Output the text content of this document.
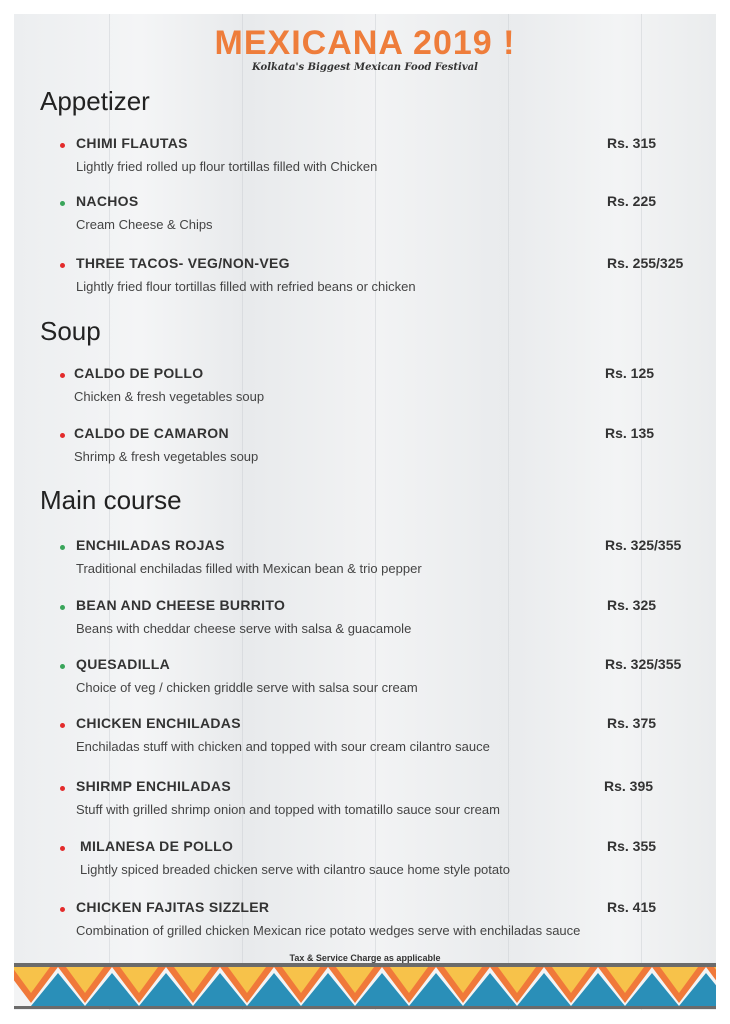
MEXICANA 2019 !
Kolkata's Biggest Mexican Food Festival
Appetizer
CHIMI FLAUTAS	Rs. 315
Lightly fried rolled up flour tortillas filled with Chicken
NACHOS	Rs. 225
Cream Cheese & Chips
THREE TACOS- VEG/NON-VEG	Rs. 255/325
Lightly fried flour tortillas filled with refried beans or chicken
Soup
CALDO DE POLLO	Rs. 125
Chicken & fresh vegetables soup
CALDO DE CAMARON	Rs. 135
Shrimp & fresh vegetables soup
Main course
ENCHILADAS ROJAS	Rs. 325/355
Traditional enchiladas filled with Mexican bean & trio pepper
BEAN AND CHEESE BURRITO	Rs. 325
Beans with cheddar cheese serve with salsa & guacamole
QUESADILLA	Rs. 325/355
Choice of veg / chicken griddle serve with salsa sour cream
CHICKEN ENCHILADAS	Rs. 375
Enchiladas stuff with chicken and topped with sour cream cilantro sauce
SHIRMP ENCHILADAS	Rs. 395
Stuff with grilled shrimp onion and topped with tomatillo sauce sour cream
MILANESA DE POLLO	Rs. 355
Lightly spiced breaded chicken serve with cilantro sauce home style potato
CHICKEN FAJITAS SIZZLER	Rs. 415
Combination of grilled chicken Mexican rice potato wedges serve with enchiladas sauce
Tax & Service Charge as applicable
